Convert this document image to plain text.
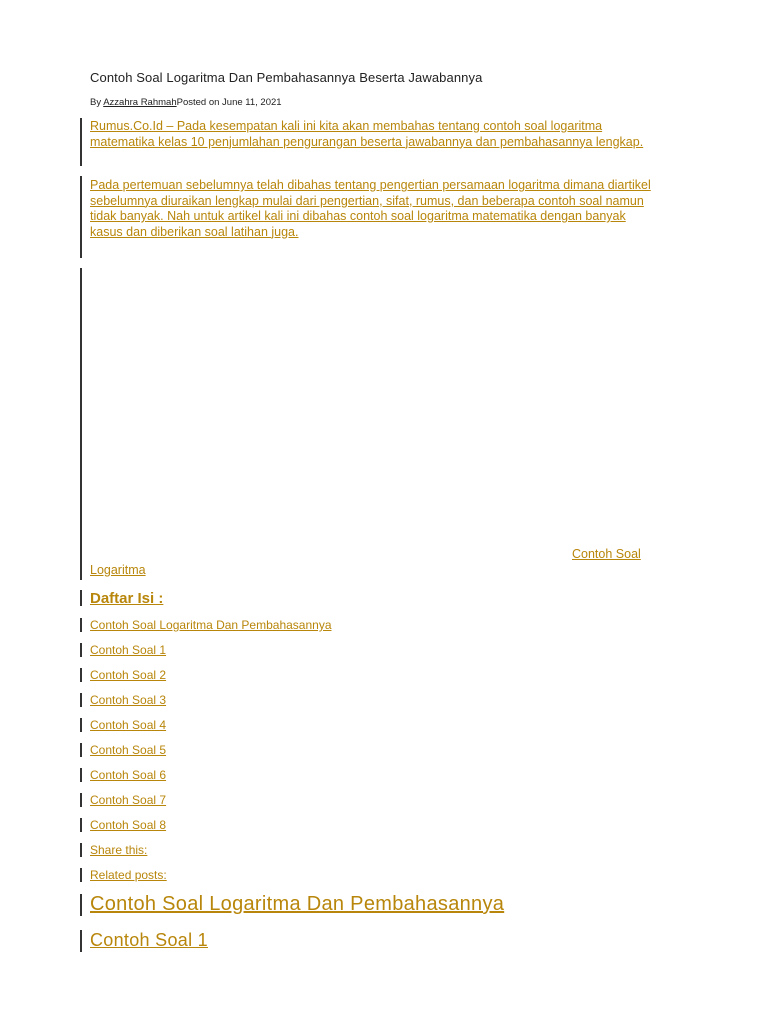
Contoh Soal Logaritma Dan Pembahasannya Beserta Jawabannya
By Azzahra RahmahPosted on June 11, 2021
Rumus.Co.Id – Pada kesempatan kali ini kita akan membahas tentang contoh soal logaritma matematika kelas 10 penjumlahan pengurangan beserta jawabannya dan pembahasannya lengkap.
Pada pertemuan sebelumnya telah dibahas tentang pengertian persamaan logaritma dimana diartikel sebelumnya diuraikan lengkap mulai dari pengertian, sifat, rumus, dan beberapa contoh soal namun tidak banyak. Nah untuk artikel kali ini dibahas contoh soal logaritma matematika dengan banyak kasus dan diberikan soal latihan juga.
Contoh Soal
Logaritma
Daftar Isi :
Contoh Soal Logaritma Dan Pembahasannya
Contoh Soal 1
Contoh Soal 2
Contoh Soal 3
Contoh Soal 4
Contoh Soal 5
Contoh Soal 6
Contoh Soal 7
Contoh Soal 8
Share this:
Related posts:
Contoh Soal Logaritma Dan Pembahasannya
Contoh Soal 1
